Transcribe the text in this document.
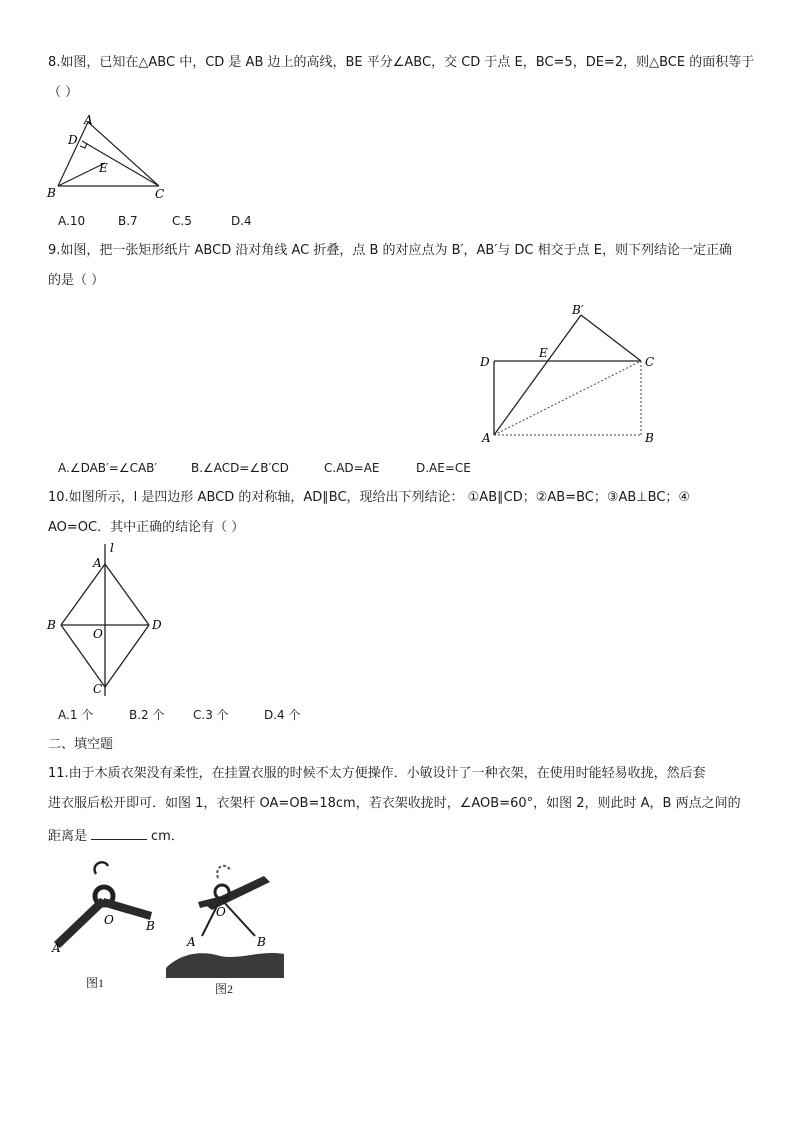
8.如图，已知在△ABC 中，CD 是 AB 边上的高线，BE 平分∠ABC，交 CD 于点 E，BC=5，DE=2，则△BCE 的面积等于
（ ）
A
D
E
B	C
A.10	B.7	C.5	D.4
9.如图，把一张矩形纸片 ABCD 沿对角线 AC 折叠，点 B 的对应点为 B′，AB′与 DC 相交于点 E，则下列结论一定正确
的是（ ）
B′
D
E
C
A	B
A.∠DAB′=∠CAB′	B.∠ACD=∠B′CD	C.AD=AE	D.AE=CE
10.如图所示，l 是四边形 ABCD 的对称轴，AD∥BC，现给出下列结论： ①AB∥CD；②AB=BC；③AB⊥BC；④
AO=OC．其中正确的结论有（ ）
l
A
B
O
D
C
A.1 个	B.2 个 C.3 个	D.4 个
二、填空题
11.由于木质衣架没有柔性，在挂置衣服的时候不太方便操作．小敏设计了一种衣架，在使用时能轻易收拢，然后套
进衣服后松开即可．如图 1，衣架杆 OA=OB=18cm，若衣架收拢时，∠AOB=60°，如图 2，则此时 A，B 两点之间的
距离是	cm．
O
A
B
图1
O
A	B
图2
